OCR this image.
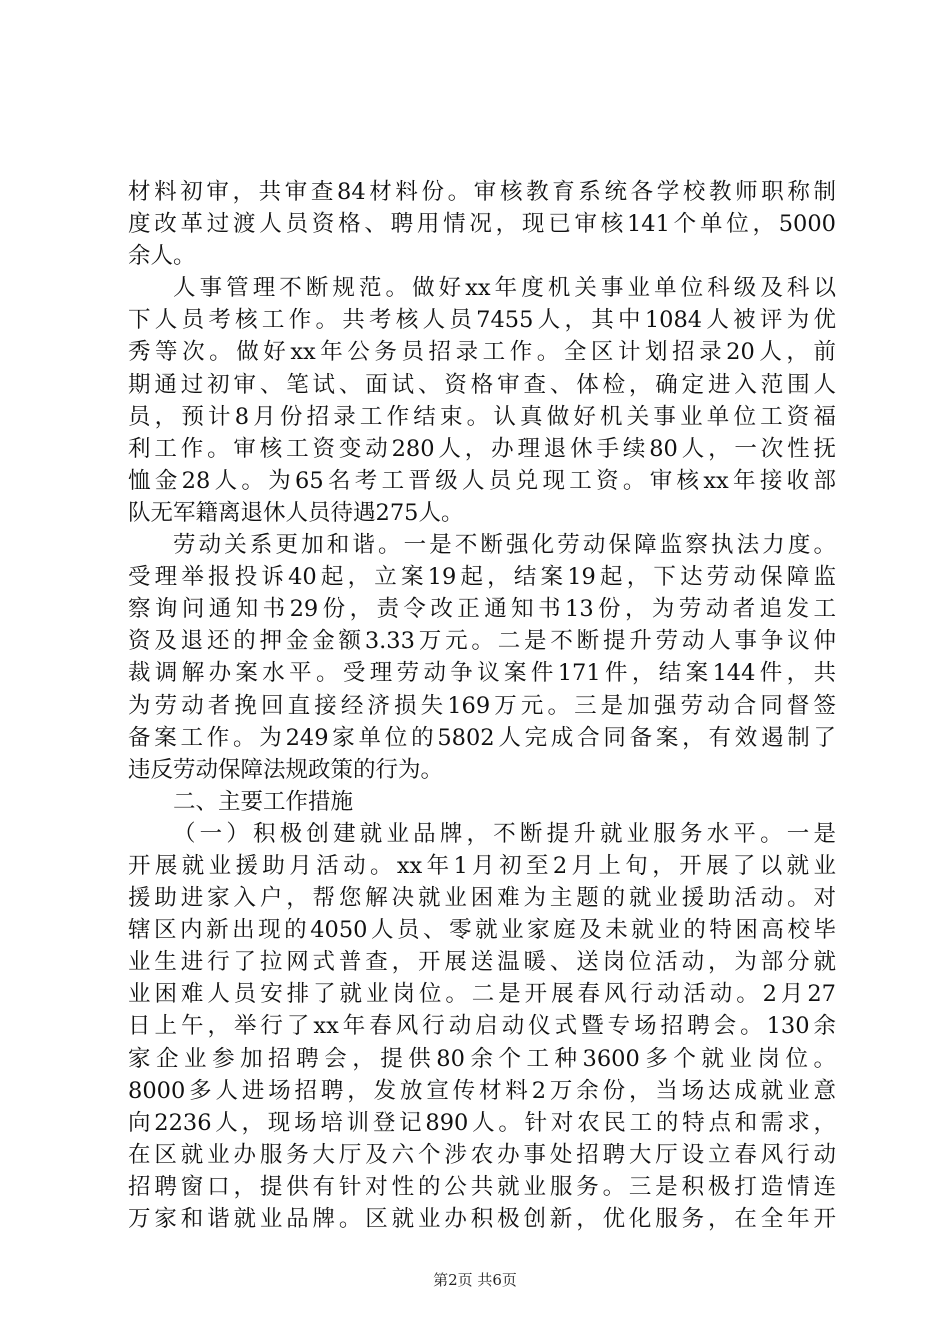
材料初审，共审查84材料份。审核教育系统各学校教师职称制
度改革过渡人员资格、聘用情况，现已审核141个单位，5000
余人。
人事管理不断规范。做好xx年度机关事业单位科级及科以
下人员考核工作。共考核人员7455人，其中1084人被评为优
秀等次。做好xx年公务员招录工作。全区计划招录20人，前
期通过初审、笔试、面试、资格审查、体检，确定进入范围人
员，预计8月份招录工作结束。认真做好机关事业单位工资福
利工作。审核工资变动280人，办理退休手续80人，一次性抚
恤金28人。为65名考工晋级人员兑现工资。审核xx年接收部
队无军籍离退休人员待遇275人。
劳动关系更加和谐。一是不断强化劳动保障监察执法力度。
受理举报投诉40起，立案19起，结案19起，下达劳动保障监
察询问通知书29份，责令改正通知书13份，为劳动者追发工
资及退还的押金金额3.33万元。二是不断提升劳动人事争议仲
裁调解办案水平。受理劳动争议案件171件，结案144件，共
为劳动者挽回直接经济损失169万元。三是加强劳动合同督签
备案工作。为249家单位的5802人完成合同备案，有效遏制了
违反劳动保障法规政策的行为。
二、主要工作措施
（一）积极创建就业品牌，不断提升就业服务水平。一是
开展就业援助月活动。xx年1月初至2月上旬，开展了以就业
援助进家入户，帮您解决就业困难为主题的就业援助活动。对
辖区内新出现的4050人员、零就业家庭及未就业的特困高校毕
业生进行了拉网式普查，开展送温暖、送岗位活动，为部分就
业困难人员安排了就业岗位。二是开展春风行动活动。2月27
日上午，举行了xx年春风行动启动仪式暨专场招聘会。130余
家企业参加招聘会，提供80余个工种3600多个就业岗位。
8000多人进场招聘，发放宣传材料2万余份，当场达成就业意
向2236人，现场培训登记890人。针对农民工的特点和需求，
在区就业办服务大厅及六个涉农办事处招聘大厅设立春风行动
招聘窗口，提供有针对性的公共就业服务。三是积极打造情连
万家和谐就业品牌。区就业办积极创新，优化服务，在全年开
第2页 共6页
